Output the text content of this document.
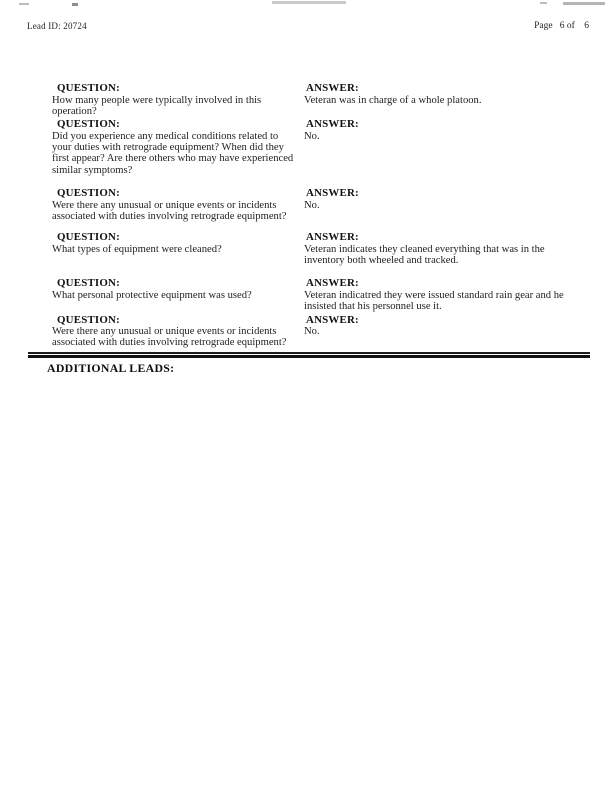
Lead ID: 20724	Page   6 of    6
QUESTION:
How many people were typically involved in this operation?
ANSWER:
Veteran was in charge of a whole platoon.
QUESTION:
Did you experience any medical conditions related to your duties with retrograde equipment? When did they first appear? Are there others who may have experienced similar symptoms?
ANSWER:
No.
QUESTION:
Were there any unusual or unique events or incidents associated with duties involving retrograde equipment?
ANSWER:
No.
QUESTION:
What types of equipment were cleaned?
ANSWER:
Veteran indicates they cleaned everything that was in the inventory both wheeled and tracked.
QUESTION:
What personal protective equipment was used?
ANSWER:
Veteran indicatred they were issued standard rain gear and he insisted that his personnel use it.
QUESTION:
Were there any unusual or unique events or incidents associated with duties involving retrograde equipment?
ANSWER:
No.
ADDITIONAL LEADS:
